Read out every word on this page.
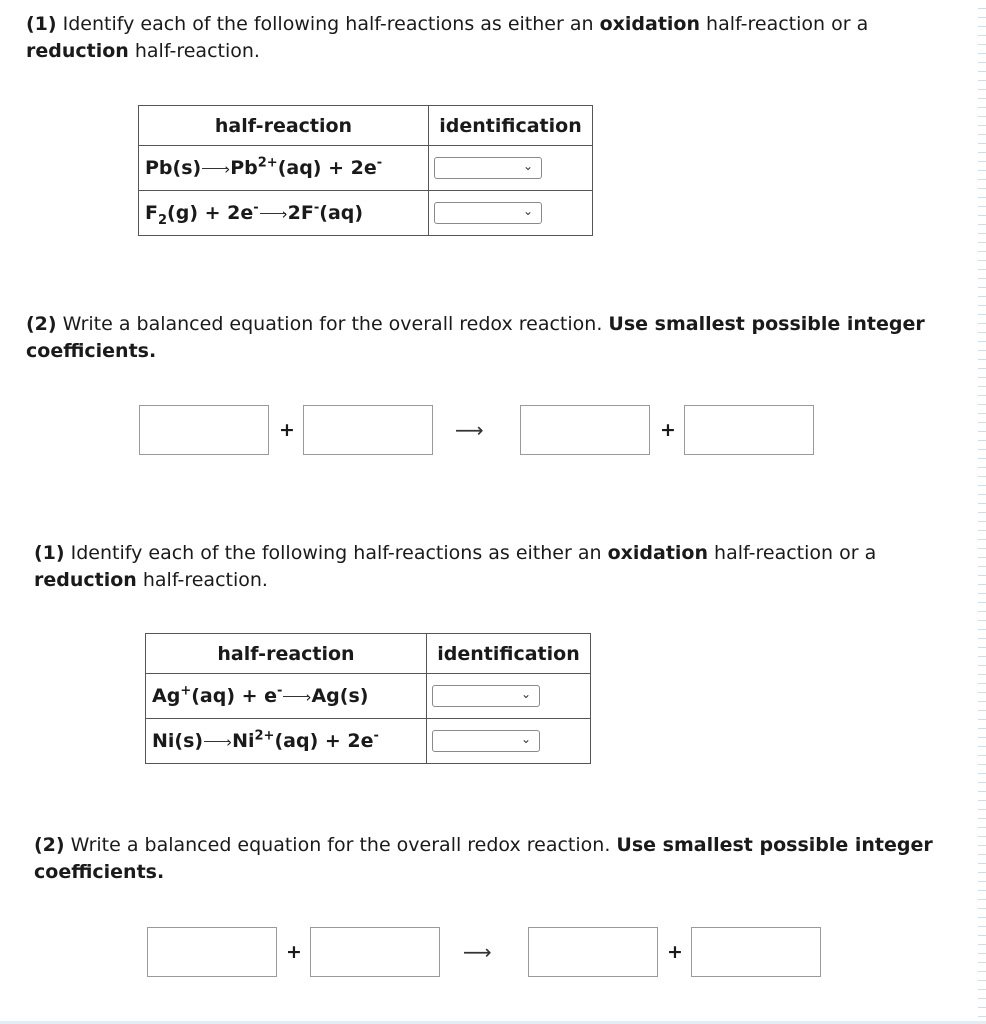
(1) Identify each of the following half-reactions as either an oxidation half-reaction or a
reduction half-reaction.

half-reaction	identification
Pb(s) $›Pb^{2+}(aq) + 2e^-$	⌄

$F_2(g) + 2e^-$ ›2F-(aq)	⌄

(2) Write a balanced equation for the overall redox reaction. Use smallest possible integer coefficients.

+	⟶	+

(1) Identify each of the following half-reactions as either an oxidation half-reaction or a
reduction half-reaction.

half-reaction	identification
Ag+(aq) + e- ›Ag(s)	⌄

Ni(s) $›Ni^{2+}(aq) + 2e^-$	⌄

(2) Write a balanced equation for the overall redox reaction. Use smallest possible integer coefficients.

+	⟶	+
